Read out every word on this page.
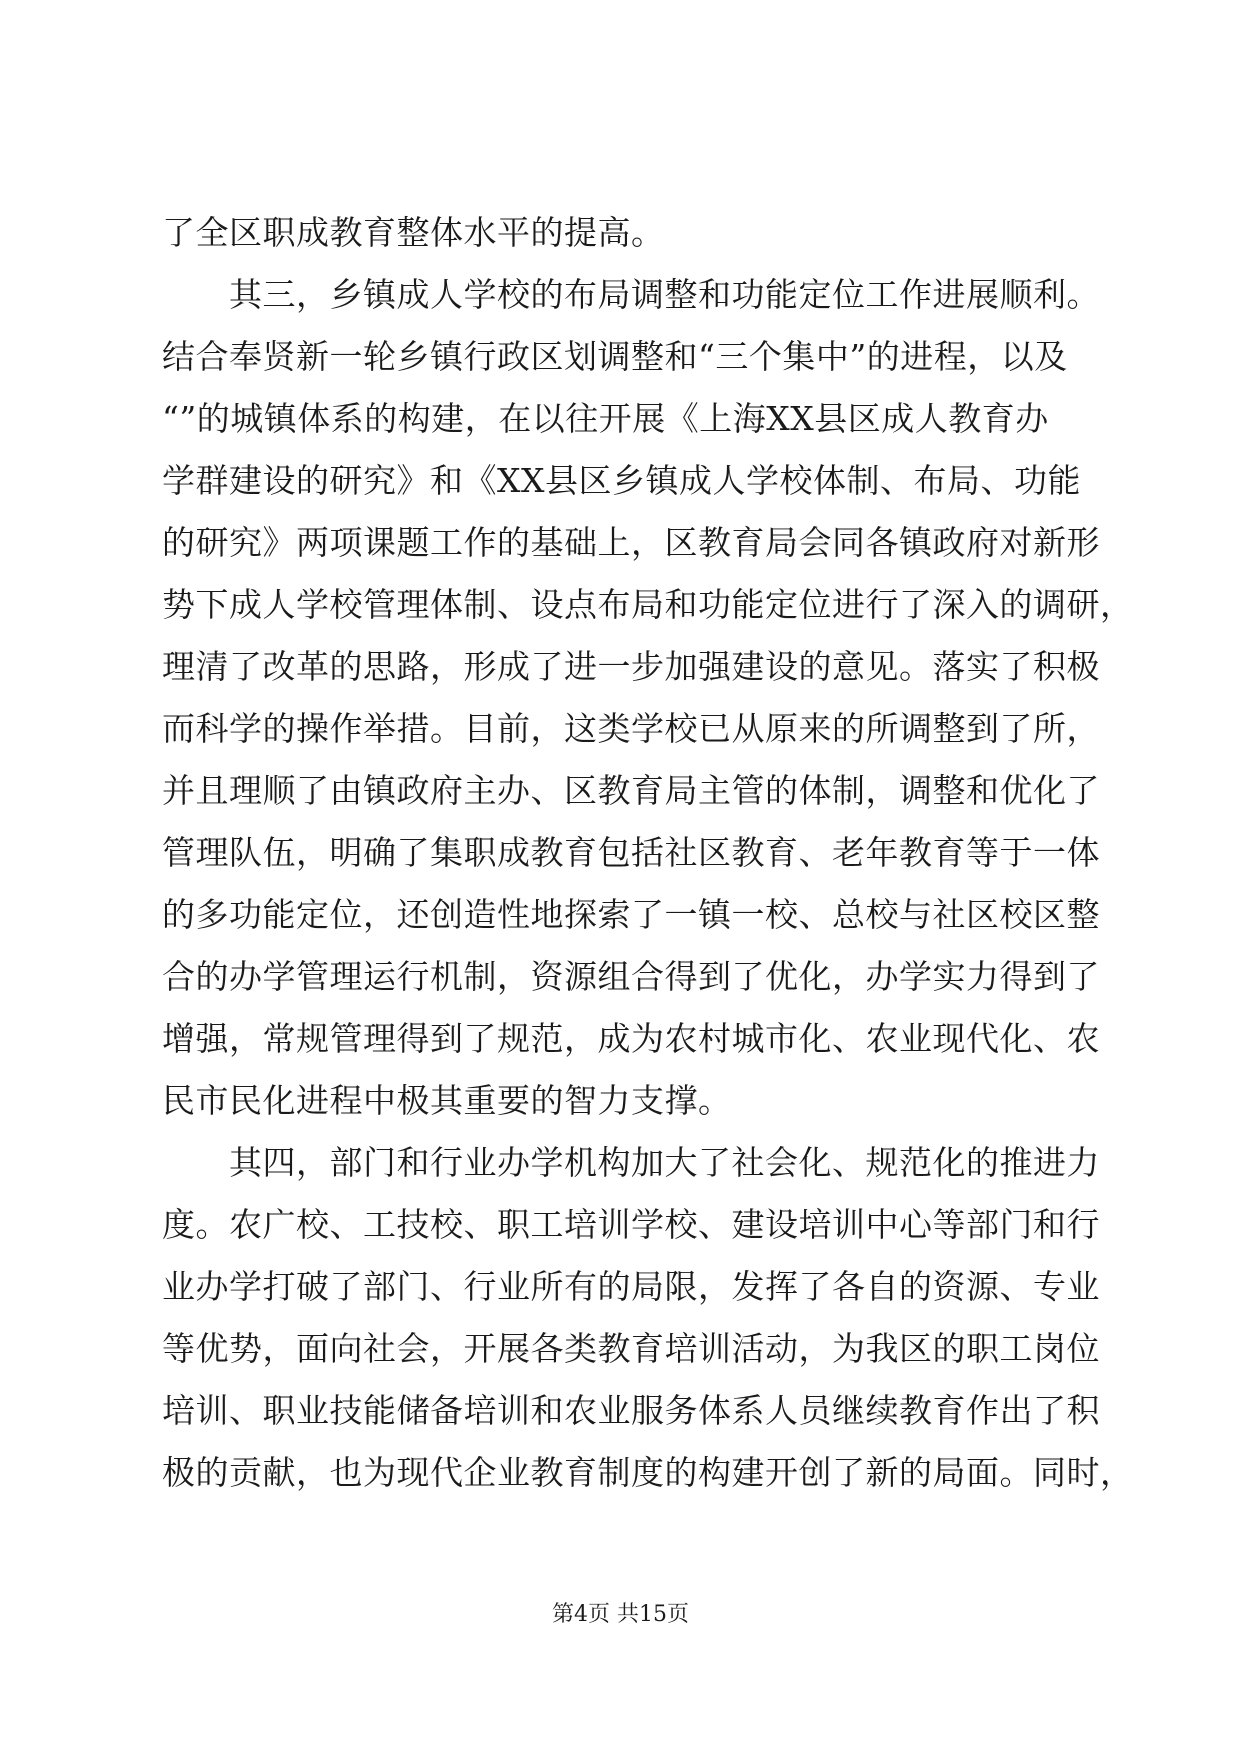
了全区职成教育整体水平的提高。
　　其三，乡镇成人学校的布局调整和功能定位工作进展顺利。
结合奉贤新一轮乡镇行政区划调整和“三个集中”的进程，以及
“”的城镇体系的构建，在以往开展《上海XX县区成人教育办
学群建设的研究》和《XX县区乡镇成人学校体制、布局、功能
的研究》两项课题工作的基础上，区教育局会同各镇政府对新形
势下成人学校管理体制、设点布局和功能定位进行了深入的调研，
理清了改革的思路，形成了进一步加强建设的意见。落实了积极
而科学的操作举措。目前，这类学校已从原来的所调整到了所，
并且理顺了由镇政府主办、区教育局主管的体制，调整和优化了
管理队伍，明确了集职成教育包括社区教育、老年教育等于一体
的多功能定位，还创造性地探索了一镇一校、总校与社区校区整
合的办学管理运行机制，资源组合得到了优化，办学实力得到了
增强，常规管理得到了规范，成为农村城市化、农业现代化、农
民市民化进程中极其重要的智力支撑。
　　其四，部门和行业办学机构加大了社会化、规范化的推进力
度。农广校、工技校、职工培训学校、建设培训中心等部门和行
业办学打破了部门、行业所有的局限，发挥了各自的资源、专业
等优势，面向社会，开展各类教育培训活动，为我区的职工岗位
培训、职业技能储备培训和农业服务体系人员继续教育作出了积
极的贡献，也为现代企业教育制度的构建开创了新的局面。同时，
第4页 共15页
